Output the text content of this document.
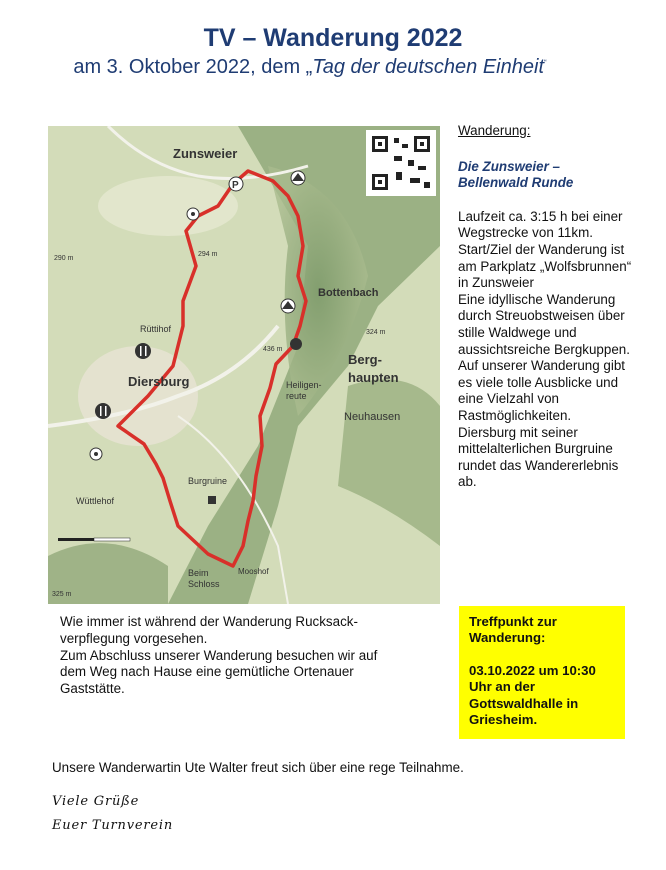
TV – Wanderung 2022
am 3. Oktober 2022, dem „Tag der deutschen Einheit“
P
Zunsweier
Diersburg
Bottenbach
Berg-haupten
Neuhausen
Rüttihof
Wüttlehof
Burgruine
Beim Schloss
Heiligen-reute
Mooshof
294 m
324 m
290 m
325 m
436 m
Wanderung:
Die Zunsweier –
Bellenwald Runde
Laufzeit ca. 3:15 h bei einer Wegstrecke von 11km.
Start/Ziel der Wanderung ist am Parkplatz „Wolfsbrunnen“ in Zunsweier
Eine idyllische Wanderung durch Streuobstweisen über stille Waldwege und aussichtsreiche Bergkuppen. Auf unserer Wanderung gibt es viele tolle Ausblicke und eine Vielzahl von Rastmöglichkeiten.
Diersburg mit seiner mittelalterlichen Burgruine rundet das Wandererlebnis ab.
Wie immer ist während der Wanderung Rucksack-verpflegung vorgesehen.
Zum Abschluss unserer Wanderung besuchen wir auf dem Weg nach Hause eine gemütliche Ortenauer Gaststätte.
Treffpunkt zur Wanderung:
03.10.2022 um 10:30 Uhr an der Gottswaldhalle in Griesheim.
Unsere Wanderwartin Ute Walter freut sich über eine rege Teilnahme.
Viele Grüße
Euer Turnverein
